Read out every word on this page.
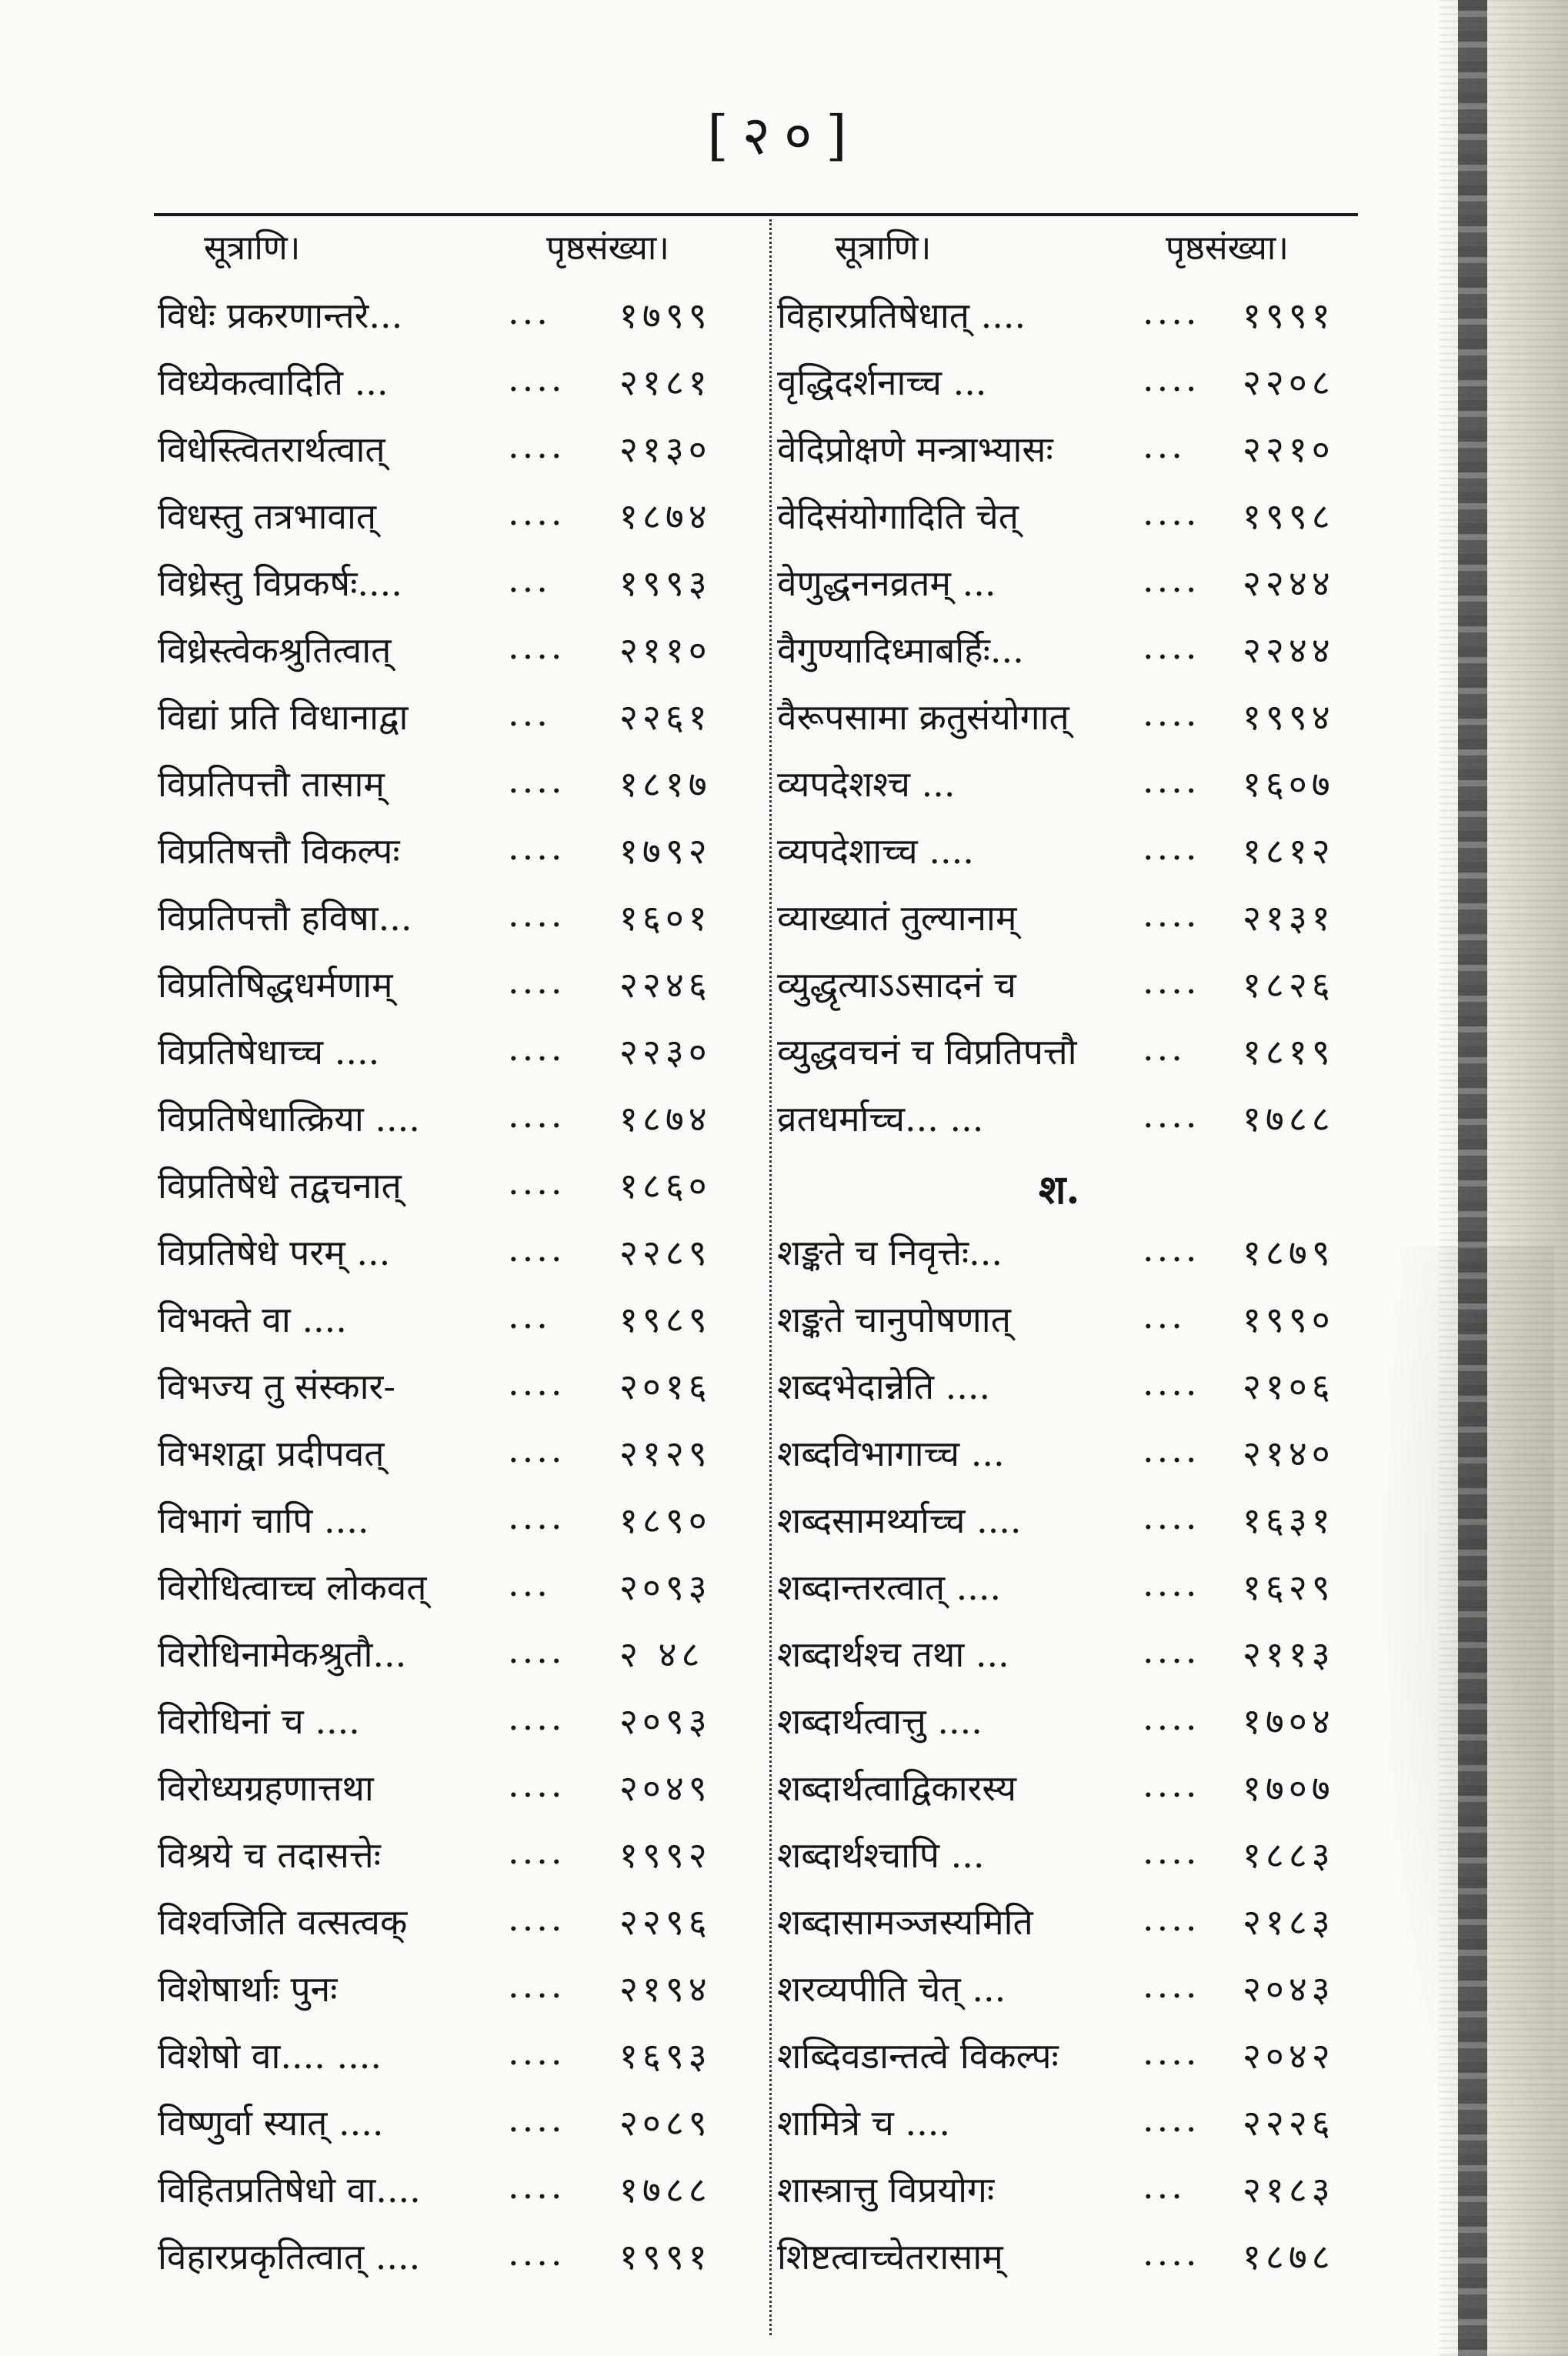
[२०]
सूत्राणि।	पृष्ठसंख्या।	सूत्राणि।	पृष्ठसंख्या।
विधेः प्रकरणान्तरे...	... १७९९
विध्येकत्वादिति ...	.... २१८१
विधेस्त्वितरार्थत्वात्	.... २१३०
विधस्तु तत्रभावात्	.... १८७४
विध्रेस्तु विप्रकर्षः....	... १९९३
विध्रेस्त्वेकश्रुतित्वात्	.... २११०
विद्यां प्रति विधानाद्वा	... २२६१
विप्रतिपत्तौ तासाम्	.... १८१७
विप्रतिषत्तौ विकल्पः	.... १७९२
विप्रतिपत्तौ हविषा...	.... १६०१
विप्रतिषिद्धधर्मणाम्	.... २२४६
विप्रतिषेधाच्च ....	.... २२३०
विप्रतिषेधात्क्रिया .... .... १८७४
विप्रतिषेधे तद्वचनात्	.... १८६०
विप्रतिषेधे परम् ...	.... २२८९
विभक्ते वा ....	... १९८९
विभज्य तु संस्कार-	.... २०१६
विभशद्वा प्रदीपवत्	.... २१२९
विभागं चापि ....	.... १८९०
विरोधित्वाच्च लोकवत् ... २०९३
विरोधिनामेकश्रुतौ...	.... २ ४८
विरोधिनां च ....	.... २०९३
विरोध्यग्रहणात्तथा	.... २०४९
विश्रये च तदासत्तेः	.... १९९२
विश्वजिति वत्सत्वक्	.... २२९६
विशेषार्थाः पुनः	.... २१९४
विशेषो वा.... ....	.... १६९३
विष्णुर्वा स्यात् ....	.... २०८९
विहितप्रतिषेधो वा.... .... १७८८
विहारप्रकृतित्वात् .... .... १९९१
विहारप्रतिषेधात् ....	.... १९९१
वृद्धिदर्शनाच्च ...	.... २२०८
वेदिप्रोक्षणे मन्त्राभ्यासः	... २२१०
वेदिसंयोगादिति चेत्	.... १९९८
वेणुद्धननव्रतम् ...	.... २२४४
वैगुण्यादिध्माबर्हिः...	.... २२४४
वैरूपसामा क्रतुसंयोगात् .... १९९४
व्यपदेशश्च ...	.... १६०७
व्यपदेशाच्च ....	.... १८१२
व्याख्यातं तुल्यानाम्	.... २१३१
व्युद्धृत्याऽऽसादनं च	.... १८२६
व्युद्धवचनं च विप्रतिपत्तौ ... १८१९
व्रतधर्माच्च... ...	.... १७८८
श.
शङ्कते च निवृत्तेः...	.... १८७९
शङ्कते चानुपोषणात्	... १९९०
शब्दभेदान्नेति ....	.... २१०६
शब्दविभागाच्च ...	.... २१४०
शब्दसामर्थ्याच्च ....	.... १६३१
शब्दान्तरत्वात् ....	.... १६२९
शब्दार्थश्च तथा ...	.... २११३
शब्दार्थत्वात्तु ....	.... १७०४
शब्दार्थत्वाद्विकारस्य	.... १७०७
शब्दार्थश्चापि ...	.... १८८३
शब्दासामञ्जस्यमिति	.... २१८३
शरव्यपीति चेत् ...	.... २०४३
शब्दिवडान्तत्वे विकल्पः .... २०४२
शामित्रे च ....	.... २२२६
शास्त्रात्तु विप्रयोगः	... २१८३
शिष्टत्वाच्चेतरासाम्	.... १८७८
